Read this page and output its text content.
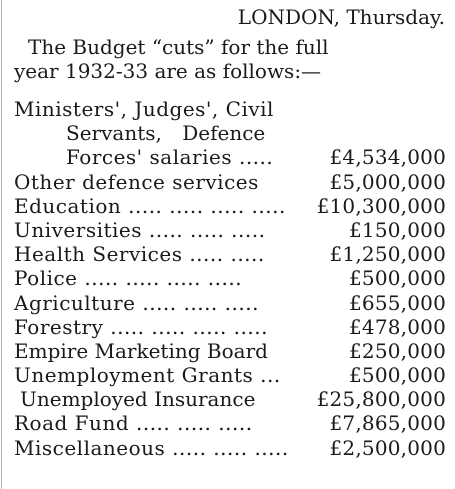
LONDON, Thursday.
The Budget “cuts” for the full
year 1932-33 are as follows:—
Ministers', Judges', Civil
Servants, Defence
Forces' salaries .....	£4,534,000
Other defence services	£5,000,000
Education ..... ..... ..... ..... £10,300,000
Universities ..... ..... .....	£150,000
Health Services ..... .....	£1,250,000
Police ..... ..... ..... .....	£500,000
Agriculture ..... ..... .....	£655,000
Forestry ..... ..... ..... .....	£478,000
Empire Marketing Board	£250,000
Unemployment Grants ...	£500,000
Unemployed Insurance	£25,800,000
Road Fund ..... ..... .....	£7,865,000
Miscellaneous ..... ..... ..... £2,500,000
